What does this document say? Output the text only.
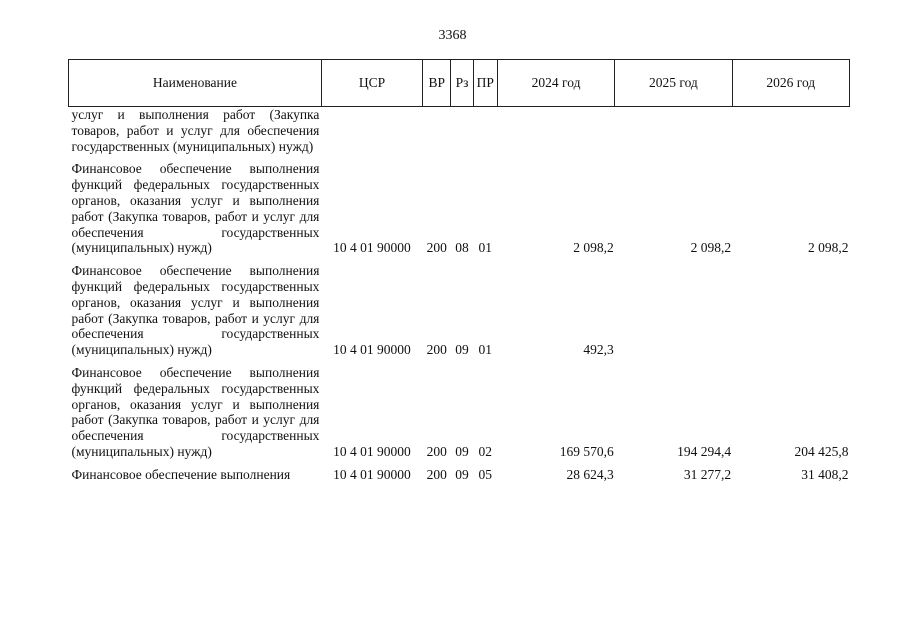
3368
Наименование	ЦСР	ВР	Рз	ПР	2024 год	2025 год	2026 год
услуг и выполнения работ (Закупка товаров, работ и услуг для обеспечения государственных (муниципальных) нужд)							
Финансовое обеспечение выполнения функций федеральных государственных органов, оказания услуг и выполнения работ (Закупка товаров, работ и услуг для обеспечения государственных (муниципальных) нужд)	10 4 01 90000	200	08	01	2 098,2	2 098,2	2 098,2
Финансовое обеспечение выполнения функций федеральных государственных органов, оказания услуг и выполнения работ (Закупка товаров, работ и услуг для обеспечения государственных (муниципальных) нужд)	10 4 01 90000	200	09	01	492,3		
Финансовое обеспечение выполнения функций федеральных государственных органов, оказания услуг и выполнения работ (Закупка товаров, работ и услуг для обеспечения государственных (муниципальных) нужд)	10 4 01 90000	200	09	02	169 570,6	194 294,4	204 425,8
Финансовое обеспечение выполнения	10 4 01 90000	200	09	05	28 624,3	31 277,2	31 408,2
